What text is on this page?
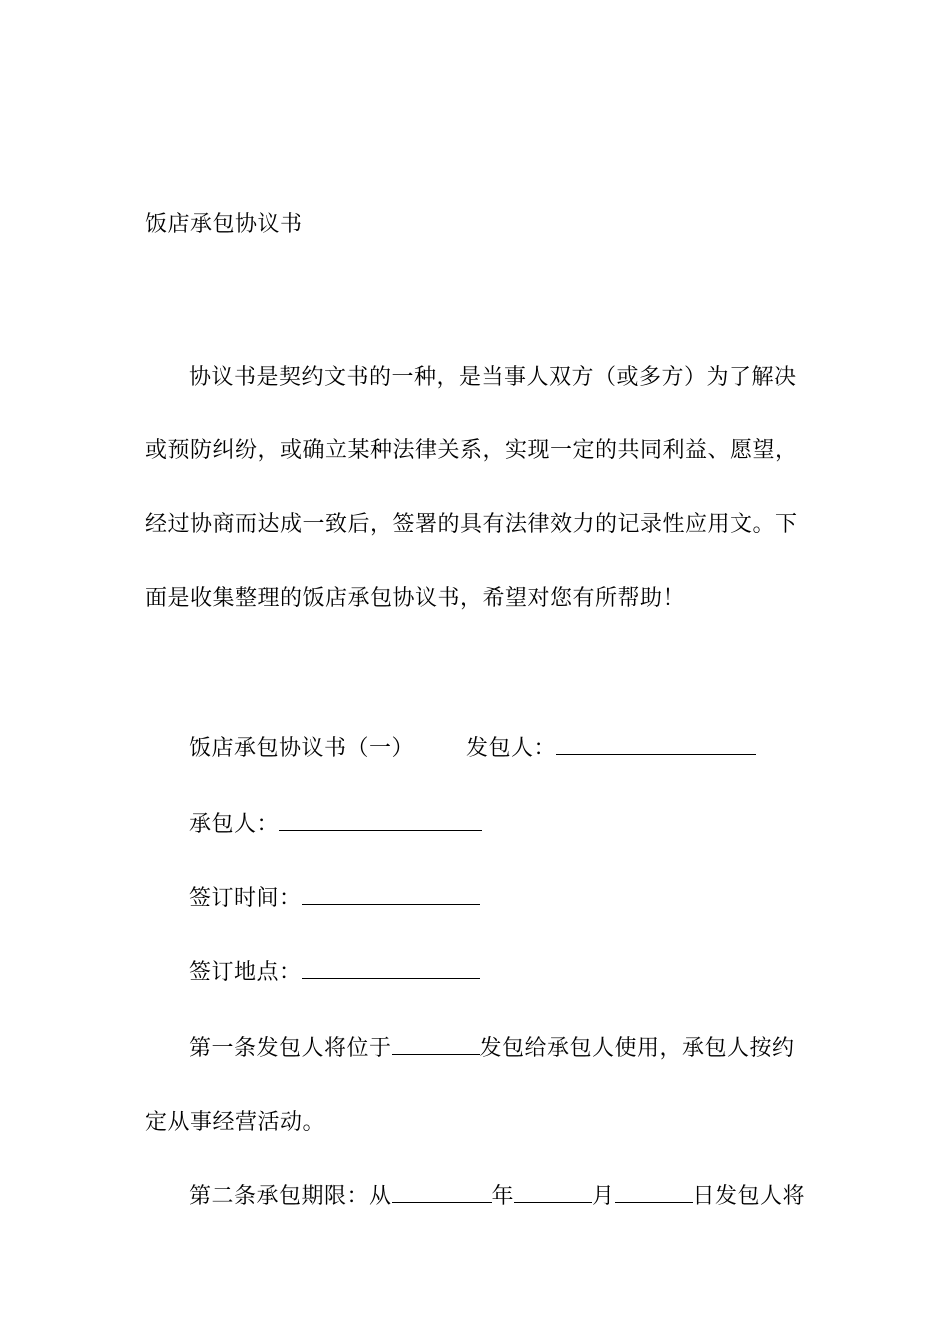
饭店承包协议书
协议书是契约文书的一种，是当事人双方（或多方）为了解决
或预防纠纷，或确立某种法律关系，实现一定的共同利益、愿望，
经过协商而达成一致后，签署的具有法律效力的记录性应用文。下
面是收集整理的饭店承包协议书，希望对您有所帮助！
饭店承包协议书（一） 发包人：
承包人：
签订时间：
签订地点：
第一条发包人将位于	发包给承包人使用，承包人按约
定从事经营活动。
第二条承包期限：从	年	月	日发包人将
